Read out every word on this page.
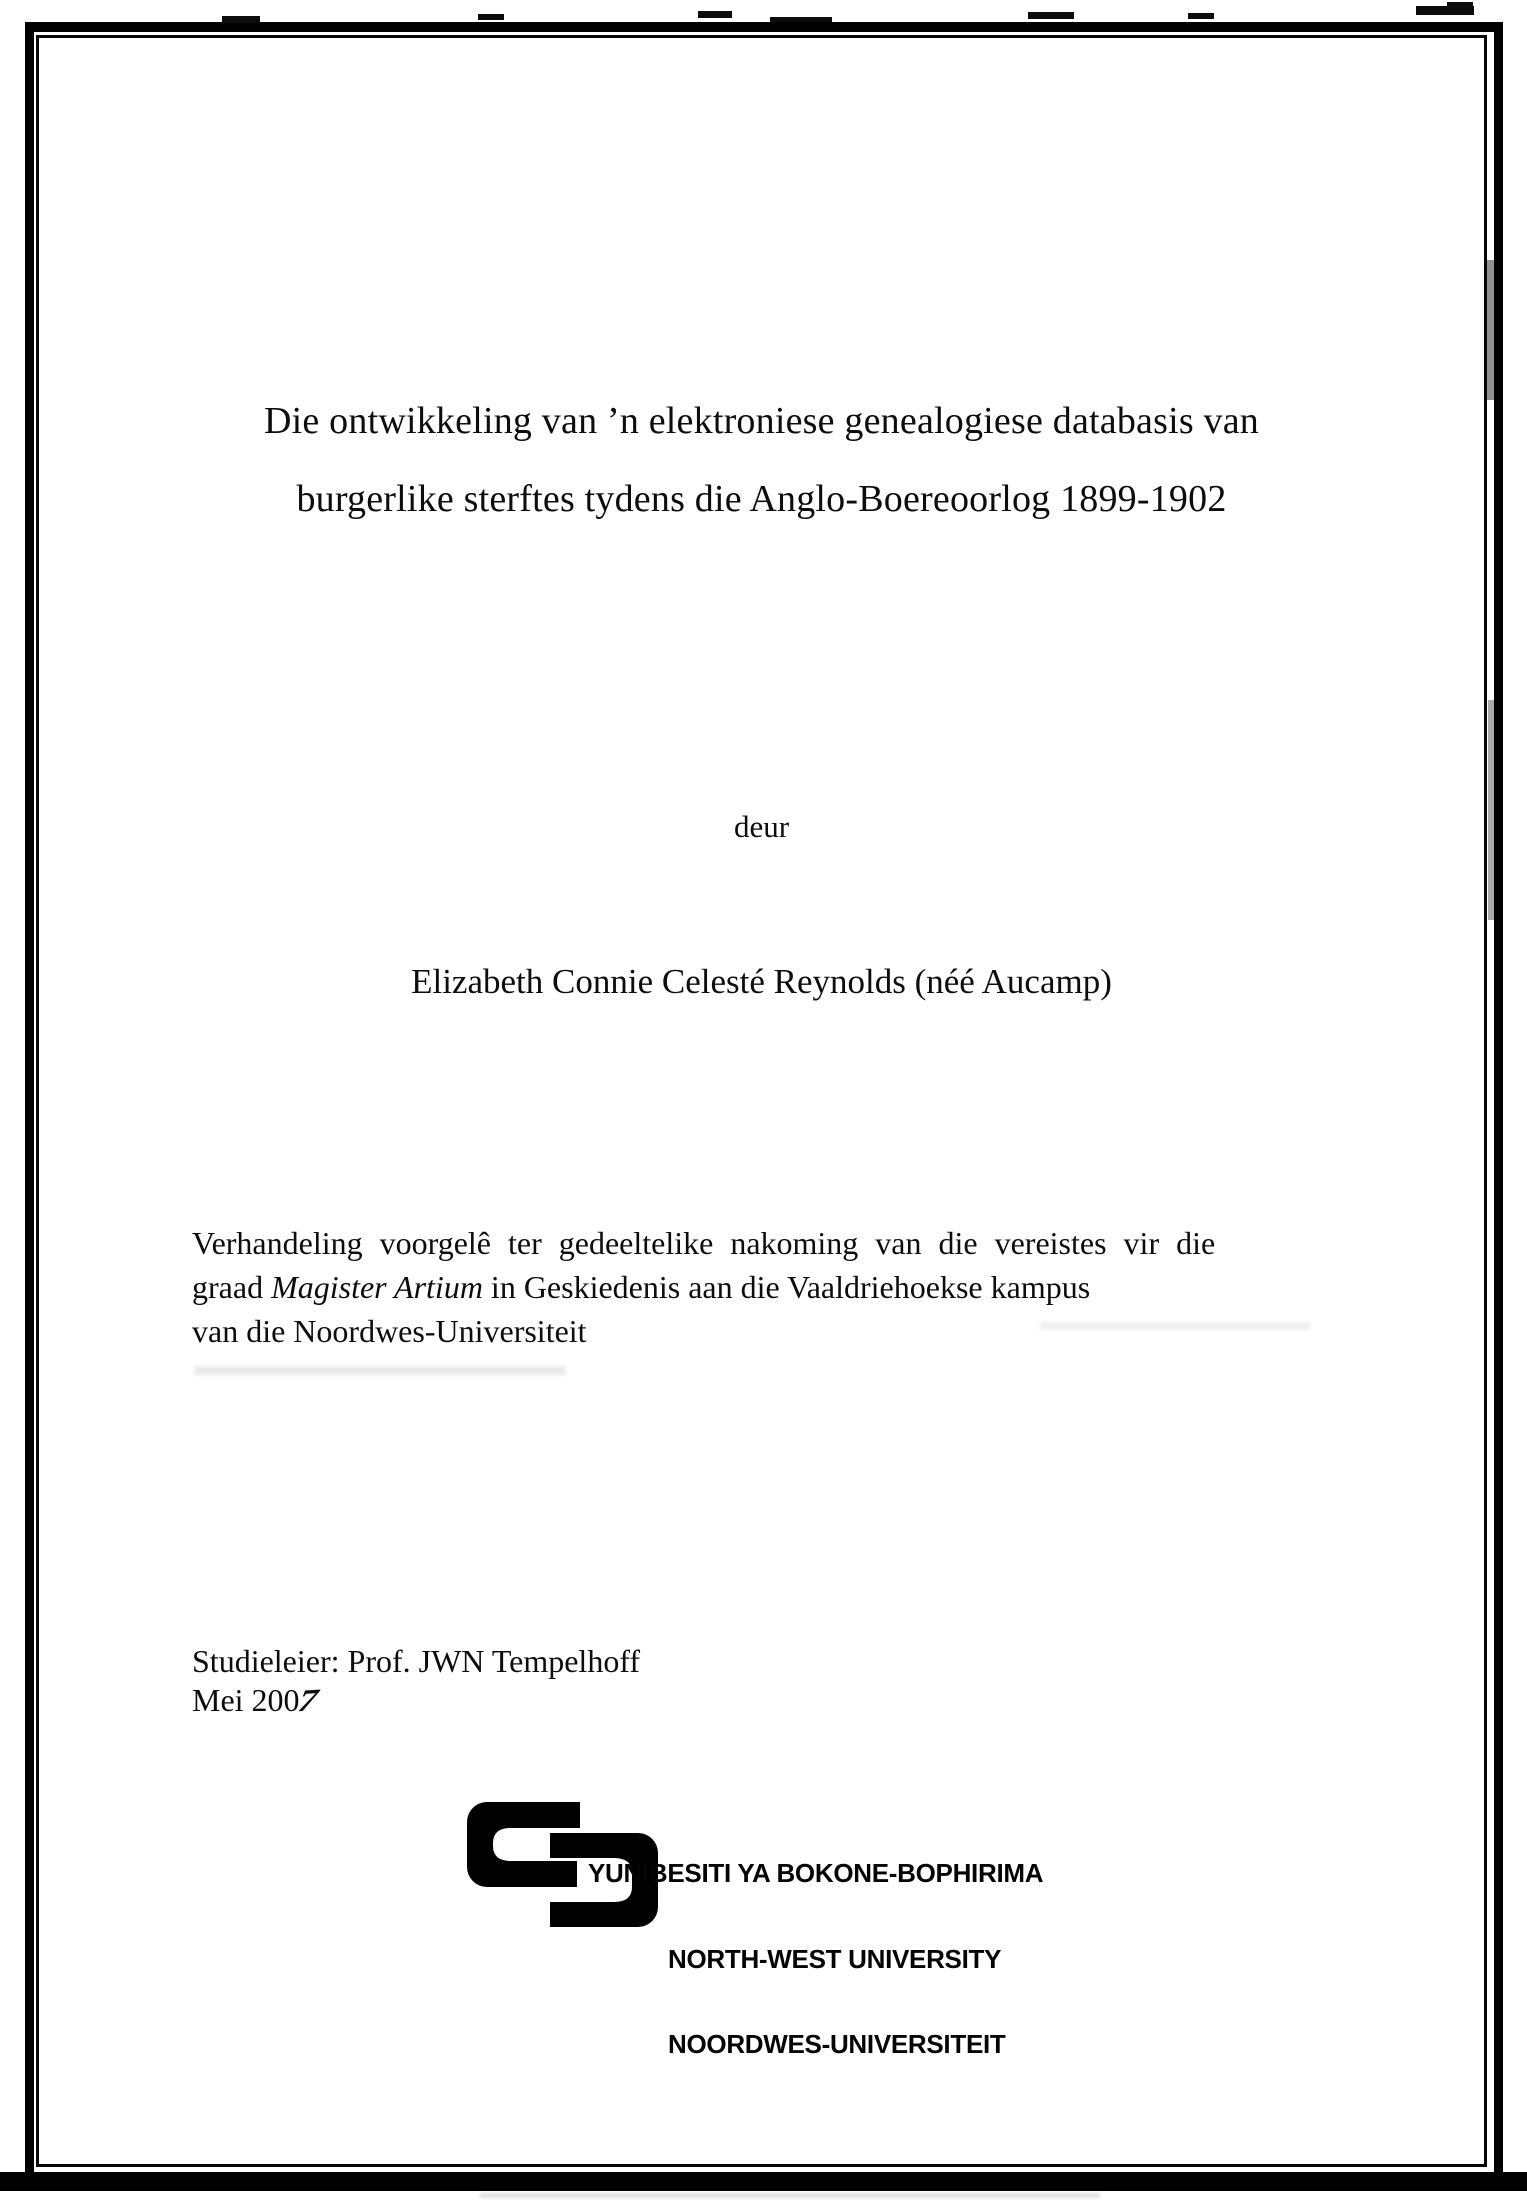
Die ontwikkeling van ’n elektroniese genealogiese databasis van
burgerlike sterftes tydens die Anglo-Boereoorlog 1899-1902
deur
Elizabeth Connie Celesté Reynolds (néé Aucamp)
Verhandeling voorgelê ter gedeeltelike nakoming van die vereistes vir die
graad Magister Artium in Geskiedenis aan die Vaaldriehoekse kampus
van die Noordwes-Universiteit
Studieleier: Prof. JWN Tempelhoff
Mei 2007

YUNIBESITI YA BOKONE-BOPHIRIMA

NORTH-WEST UNIVERSITY

NOORDWES-UNIVERSITEIT
